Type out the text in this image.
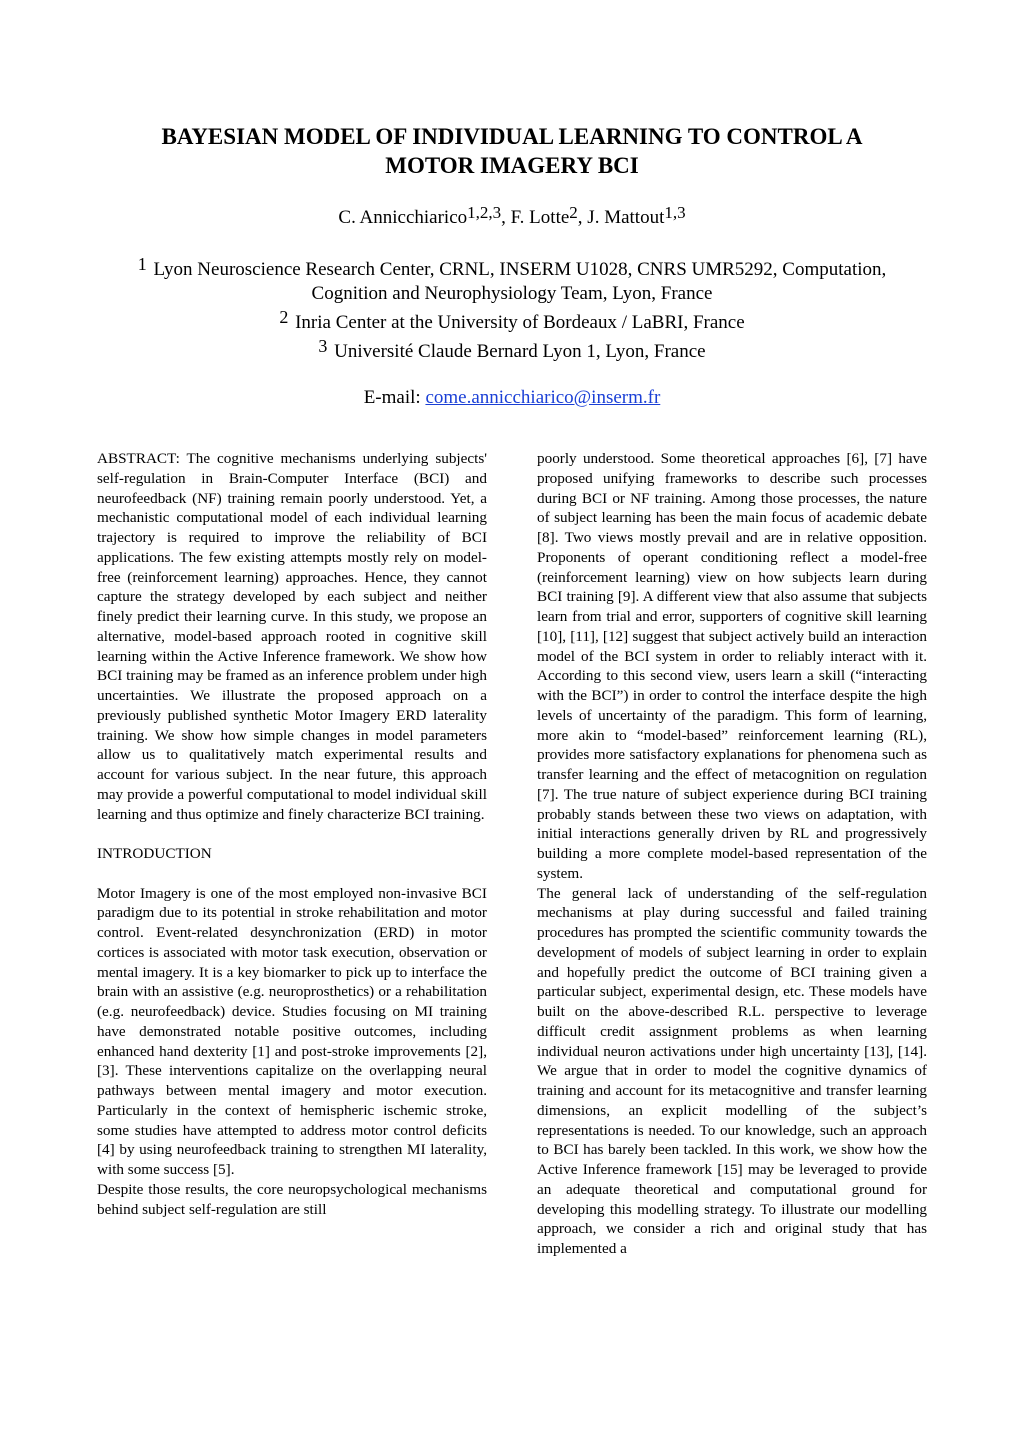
BAYESIAN MODEL OF INDIVIDUAL LEARNING TO CONTROL A
MOTOR IMAGERY BCI
C. Annicchiarico$^{1,2,3}$, F. Lotte$^2$, J. Mattout$^{1,3}$
$^1$ Lyon Neuroscience Research Center, CRNL, INSERM U1028, CNRS UMR5292, Computation,
Cognition and Neurophysiology Team, Lyon, France
$^2$ Inria Center at the University of Bordeaux / LaBRI, France
$^3$ Université Claude Bernard Lyon 1, Lyon, France
E-mail: come.annicchiarico@inserm.fr

ABSTRACT: The cognitive mechanisms underlying subjects' self-regulation in Brain-Computer Interface (BCI) and neurofeedback (NF) training remain poorly understood. Yet, a mechanistic computational model of each individual learning trajectory is required to improve the reliability of BCI applications. The few existing attempts mostly rely on model-free (reinforcement learning) approaches. Hence, they cannot capture the strategy developed by each subject and neither finely predict their learning curve. In this study, we propose an alternative, model-based approach rooted in cognitive skill learning within the Active Inference framework. We show how BCI training may be framed as an inference problem under high uncertainties. We illustrate the proposed approach on a previously published synthetic Motor Imagery ERD laterality training. We show how simple changes in model parameters allow us to qualitatively match experimental results and account for various subject. In the near future, this approach may provide a powerful computational to model individual skill learning and thus optimize and finely characterize BCI training.

INTRODUCTION

Motor Imagery is one of the most employed non-invasive BCI paradigm due to its potential in stroke rehabilitation and motor control. Event-related desynchronization (ERD) in motor cortices is associated with motor task execution, observation or mental imagery. It is a key biomarker to pick up to interface the brain with an assistive (e.g. neuroprosthetics) or a rehabilitation (e.g. neurofeedback) device. Studies focusing on MI training have demonstrated notable positive outcomes, including enhanced hand dexterity [1] and post-stroke improvements [2], [3]. These interventions capitalize on the overlapping neural pathways between mental imagery and motor execution. Particularly in the context of hemispheric ischemic stroke, some studies have attempted to address motor control deficits [4] by using neurofeedback training to strengthen MI laterality, with some success [5].

Despite those results, the core neuropsychological mechanisms behind subject self-regulation are still

poorly understood. Some theoretical approaches [6], [7] have proposed unifying frameworks to describe such processes during BCI or NF training. Among those processes, the nature of subject learning has been the main focus of academic debate [8]. Two views mostly prevail and are in relative opposition. Proponents of operant conditioning reflect a model-free (reinforcement learning) view on how subjects learn during BCI training [9]. A different view that also assume that subjects learn from trial and error, supporters of cognitive skill learning [10], [11], [12] suggest that subject actively build an interaction model of the BCI system in order to reliably interact with it. According to this second view, users learn a skill (“interacting with the BCI”) in order to control the interface despite the high levels of uncertainty of the paradigm. This form of learning, more akin to “model-based” reinforcement learning (RL), provides more satisfactory explanations for phenomena such as transfer learning and the effect of metacognition on regulation [7]. The true nature of subject experience during BCI training probably stands between these two views on adaptation, with initial interactions generally driven by RL and progressively building a more complete model-based representation of the system.

The general lack of understanding of the self-regulation mechanisms at play during successful and failed training procedures has prompted the scientific community towards the development of models of subject learning in order to explain and hopefully predict the outcome of BCI training given a particular subject, experimental design, etc. These models have built on the above-described R.L. perspective to leverage difficult credit assignment problems as when learning individual neuron activations under high uncertainty [13], [14]. We argue that in order to model the cognitive dynamics of training and account for its metacognitive and transfer learning dimensions, an explicit modelling of the subject’s representations is needed. To our knowledge, such an approach to BCI has barely been tackled. In this work, we show how the Active Inference framework [15] may be leveraged to provide an adequate theoretical and computational ground for developing this modelling strategy. To illustrate our modelling approach, we consider a rich and original study that has implemented a
